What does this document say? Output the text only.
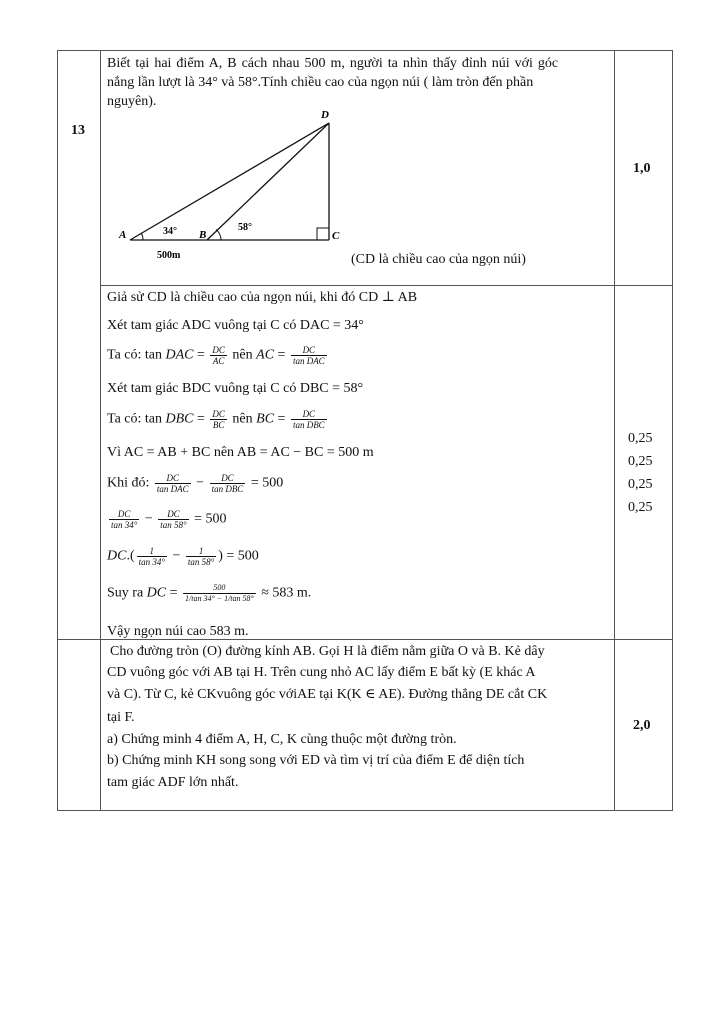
13
Biết tại hai điểm A, B cách nhau 500 m, người ta nhìn thấy đỉnh núi với góc
nắng lần lượt là 34° và 58°.Tính chiều cao của ngọn núi ( làm tròn đến phần
nguyên).
1,0
A	B	C
D
34°	58°
500m	(CD là chiều cao của ngọn núi)
Giả sử CD là chiều cao của ngọn núi, khi đó CD ⊥ AB
Xét tam giác ADC vuông tại C có DAC = 34°
Ta có: tan DAC = $\frac{DC}{AC}$ nên AC = $\frac{DC}{\text{tan DAC}}$
Xét tam giác BDC vuông tại C có DBC = 58°
Ta có: tan DBC = $\frac{DC}{BC}$ nên BC = $\frac{DC}{\text{tan DBC}}$
Vì AC = AB + BC nên AB = AC − BC = 500 m
Khi đó: $\frac{DC}{\text{tan DAC}} - \frac{DC}{\text{tan DBC}} = 500$
$\frac{DC}{\tan 34^\circ} - \frac{DC}{\tan 58^\circ} = 500$
$DC.( \frac{1}{\tan 34^\circ} - \frac{1}{\tan 58^\circ}$ ) = 500
Suy ra DC = $\frac{500}{1/\tan 34^\circ - 1/\tan 58^\circ} \approx 583$ m.
Vậy ngọn núi cao 583 m.
0,25
0,25
0,25
0,25
Cho đường tròn (O) đường kính AB. Gọi H là điểm nằm giữa O và B. Kẻ dây
CD vuông góc với AB tại H. Trên cung nhỏ AC lấy điểm E bất kỳ (E khác A
và C). Từ C, kẻ CKvuông góc vớiAE tại K(K ∈ AE). Đường thẳng DE cắt CK
tại F.
a) Chứng minh 4 điểm A, H, C, K cùng thuộc một đường tròn.
b) Chứng minh KH song song với ED và tìm vị trí của điểm E để diện tích
tam giác ADF lớn nhất.
2,0
